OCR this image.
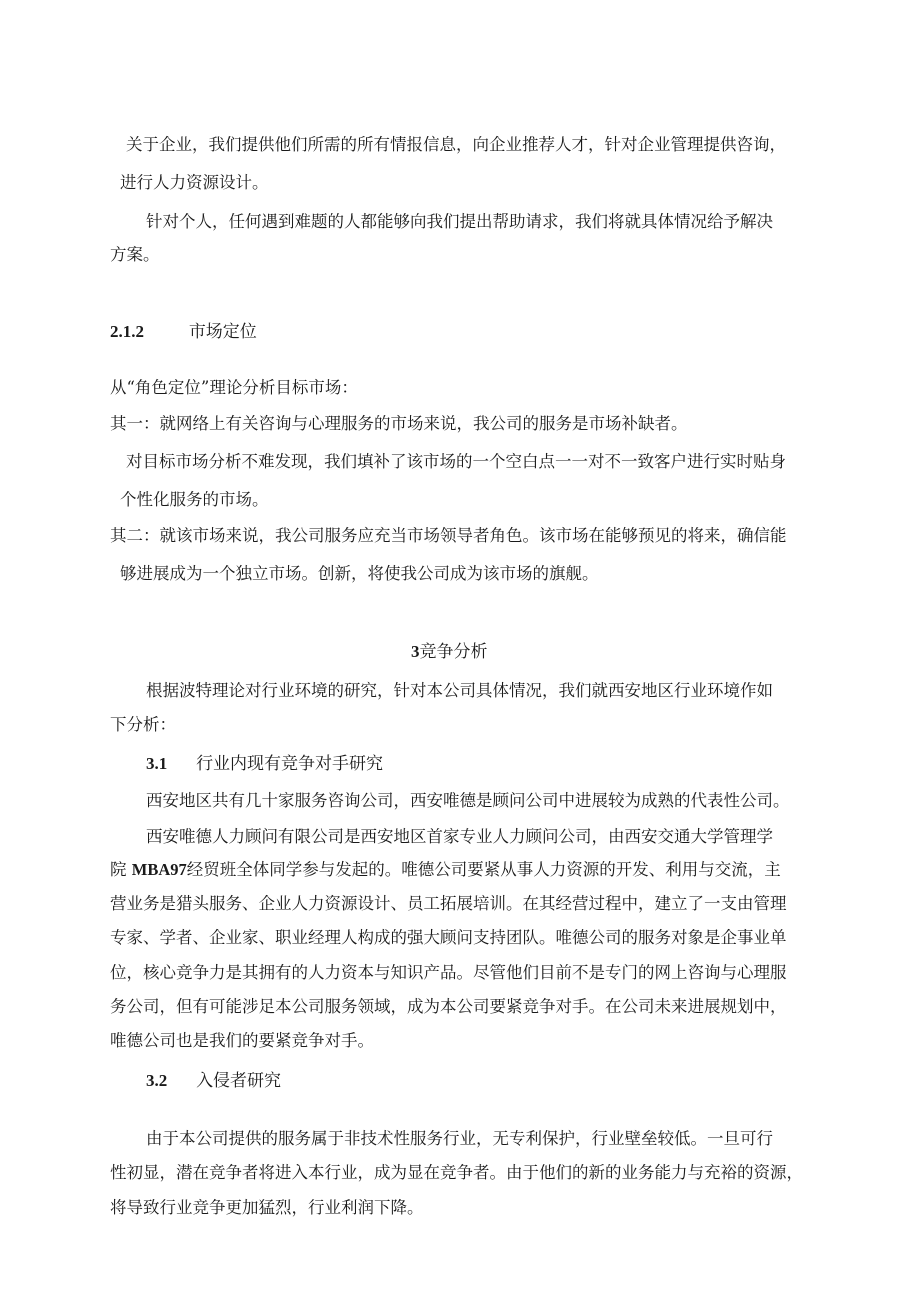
关于企业，我们提供他们所需的所有情报信息，向企业推荐人才，针对企业管理提供咨询，
进行人力资源设计。
针对个人，任何遇到难题的人都能够向我们提出帮助请求，我们将就具体情况给予解决
方案。
2.1.2	市场定位
从“角色定位”理论分析目标市场：
其一：就网络上有关咨询与心理服务的市场来说，我公司的服务是市场补缺者。
对目标市场分析不难发现，我们填补了该市场的一个空白点一一对不一致客户进行实时贴身
个性化服务的市场。
其二：就该市场来说，我公司服务应充当市场领导者角色。该市场在能够预见的将来，确信能
够进展成为一个独立市场。创新，将使我公司成为该市场的旗舰。
3竞争分析
根据波特理论对行业环境的研究，针对本公司具体情况，我们就西安地区行业环境作如
下分析：
3.1 行业内现有竞争对手研究
西安地区共有几十家服务咨询公司，西安唯德是顾问公司中进展较为成熟的代表性公司。
西安唯德人力顾问有限公司是西安地区首家专业人力顾问公司，由西安交通大学管理学
院 MBA97经贸班全体同学参与发起的。唯德公司要紧从事人力资源的开发、利用与交流，主
营业务是猎头服务、企业人力资源设计、员工拓展培训。在其经营过程中，建立了一支由管理
专家、学者、企业家、职业经理人构成的强大顾问支持团队。唯德公司的服务对象是企事业单
位，核心竞争力是其拥有的人力资本与知识产品。尽管他们目前不是专门的网上咨询与心理服
务公司，但有可能涉足本公司服务领域，成为本公司要紧竞争对手。在公司未来进展规划中，
唯德公司也是我们的要紧竞争对手。
3.2 入侵者研究
由于本公司提供的服务属于非技术性服务行业，无专利保护，行业壁垒较低。一旦可行
性初显，潜在竞争者将进入本行业，成为显在竞争者。由于他们的新的业务能力与充裕的资源，
将导致行业竞争更加猛烈，行业利润下降。
